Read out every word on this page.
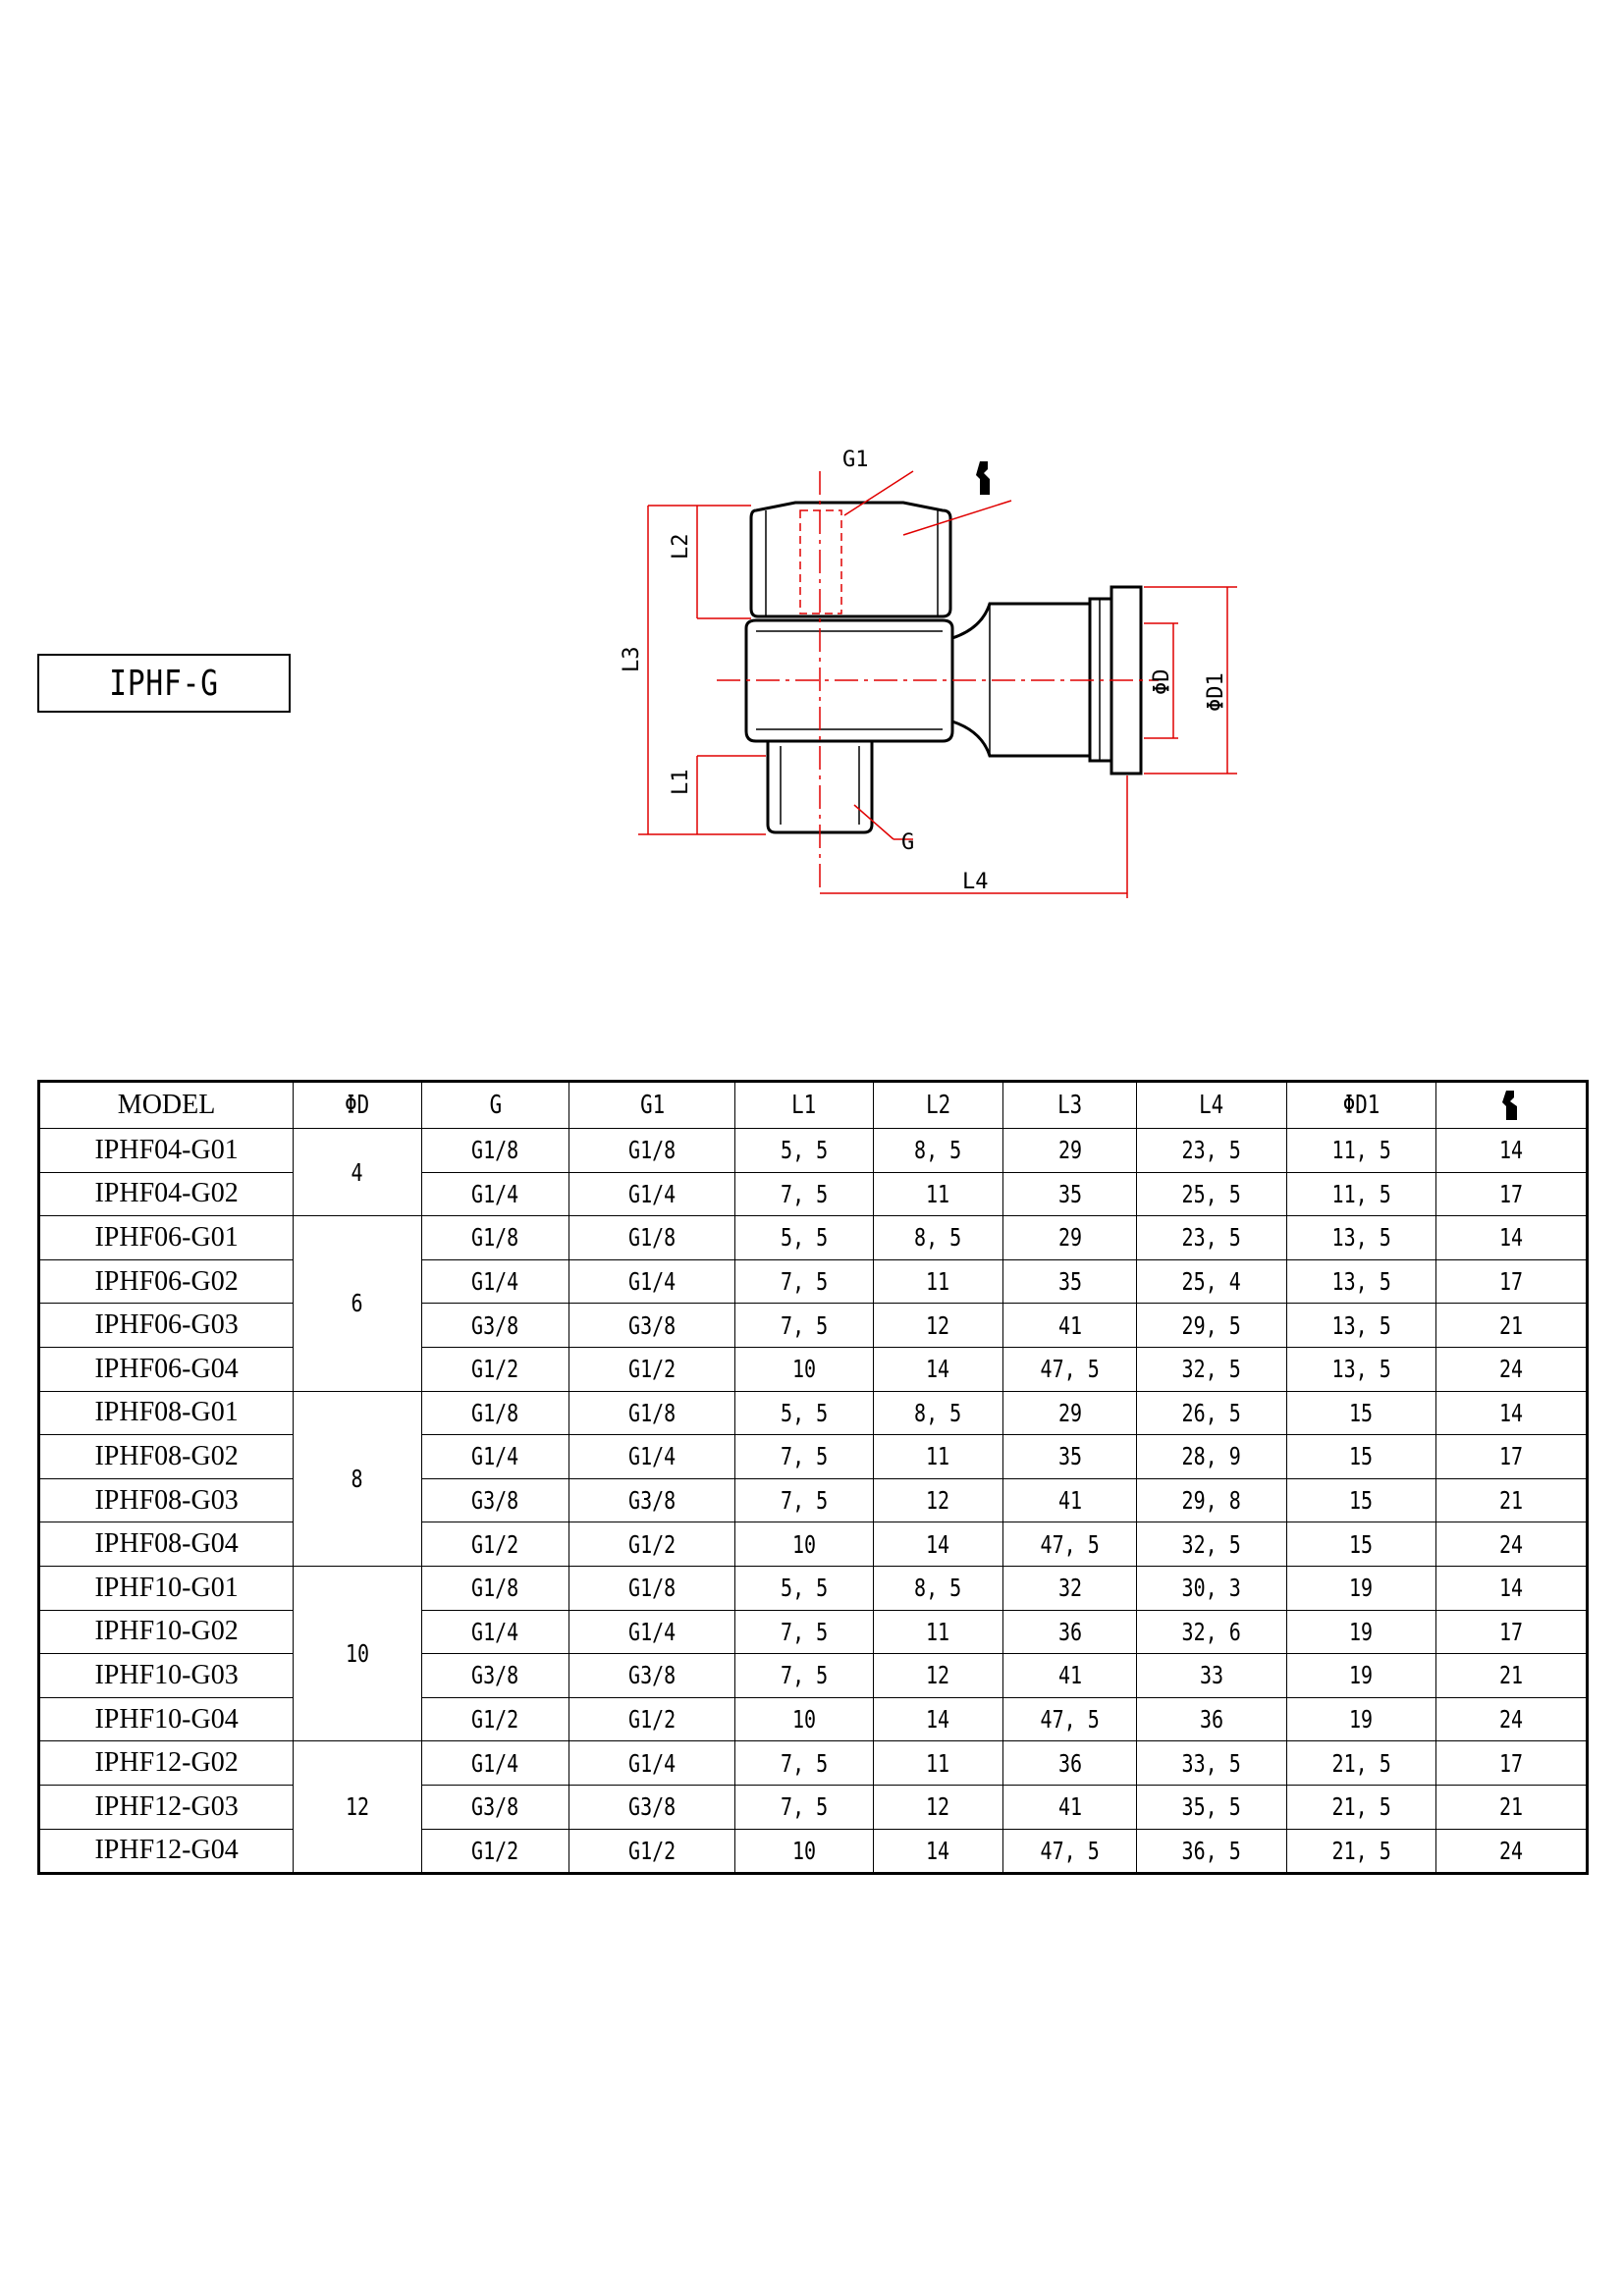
IPHF-G
G1
L2
L3
L1
G
L4
ΦD ΦD1
MODEL	ΦD	G	G1	L1	L2	L3	L4	ΦD1	
IPHF04-G01	4	G1/8	G1/8	5, 5	8, 5	29	23, 5	11, 5	14
IPHF04-G02		G1/4	G1/4	7, 5	11	35	25, 5	11, 5	17
IPHF06-G01	6	G1/8	G1/8	5, 5	8, 5	29	23, 5	13, 5	14
IPHF06-G02		G1/4	G1/4	7, 5	11	35	25, 4	13, 5	17
IPHF06-G03		G3/8	G3/8	7, 5	12	41	29, 5	13, 5	21
IPHF06-G04		G1/2	G1/2	10	14	47, 5	32, 5	13, 5	24
IPHF08-G01	8	G1/8	G1/8	5, 5	8, 5	29	26, 5	15	14
IPHF08-G02		G1/4	G1/4	7, 5	11	35	28, 9	15	17
IPHF08-G03		G3/8	G3/8	7, 5	12	41	29, 8	15	21
IPHF08-G04		G1/2	G1/2	10	14	47, 5	32, 5	15	24
IPHF10-G01	10	G1/8	G1/8	5, 5	8, 5	32	30, 3	19	14
IPHF10-G02		G1/4	G1/4	7, 5	11	36	32, 6	19	17
IPHF10-G03		G3/8	G3/8	7, 5	12	41	33	19	21
IPHF10-G04		G1/2	G1/2	10	14	47, 5	36	19	24
IPHF12-G02	12	G1/4	G1/4	7, 5	11	36	33, 5	21, 5	17
IPHF12-G03		G3/8	G3/8	7, 5	12	41	35, 5	21, 5	21
IPHF12-G04		G1/2	G1/2	10	14	47, 5	36, 5	21, 5	24
